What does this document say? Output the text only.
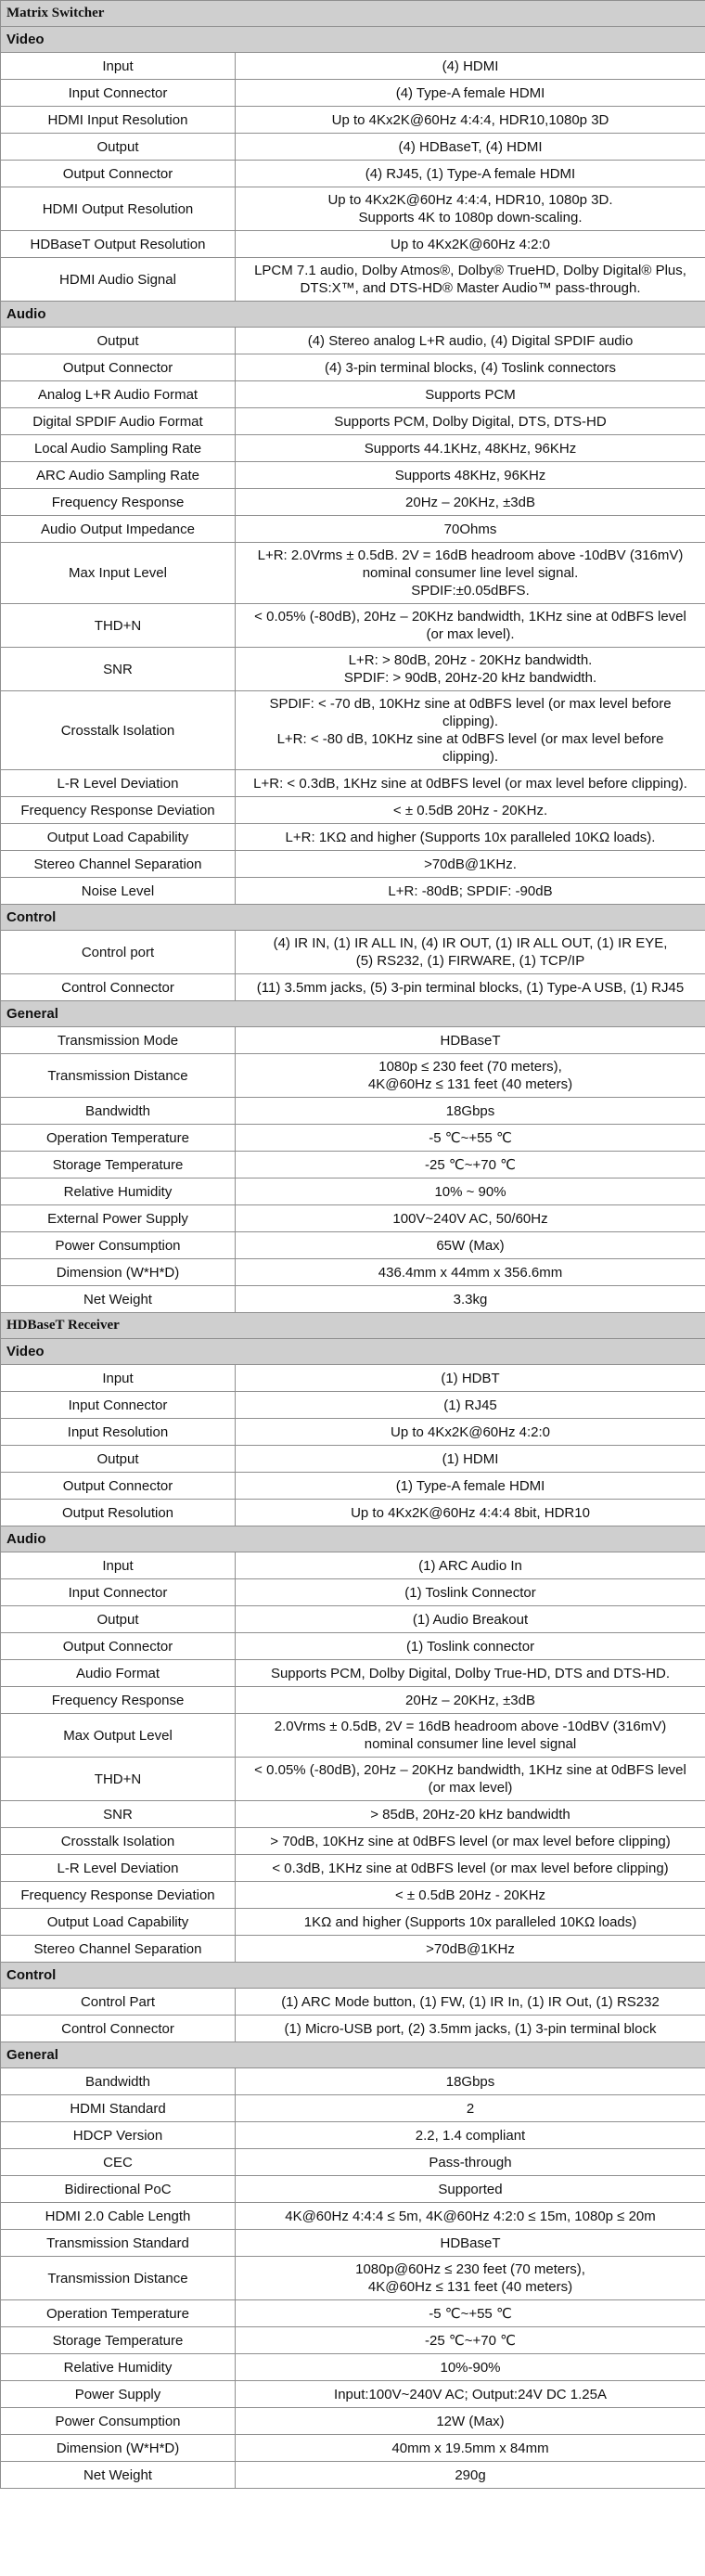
Matrix Switcher	
Video	
Input	(4) HDMI
Input Connector	(4) Type-A female HDMI
HDMI Input Resolution	Up to 4Kx2K@60Hz 4:4:4, HDR10,1080p 3D
Output	(4) HDBaseT, (4) HDMI
Output Connector	(4) RJ45, (1) Type-A female HDMI
HDMI Output Resolution	Up to 4Kx2K@60Hz 4:4:4, HDR10, 1080p 3D.
Supports 4K to 1080p down-scaling.
HDBaseT Output Resolution	Up to 4Kx2K@60Hz 4:2:0
HDMI Audio Signal	LPCM 7.1 audio, Dolby Atmos®, Dolby® TrueHD, Dolby Digital® Plus,
DTS:X™, and DTS-HD® Master Audio™ pass-through.
Audio	
Output	(4) Stereo analog L+R audio, (4) Digital SPDIF audio
Output Connector	(4) 3-pin terminal blocks, (4) Toslink connectors
Analog L+R Audio Format	Supports PCM
Digital SPDIF Audio Format	Supports PCM, Dolby Digital, DTS, DTS-HD
Local Audio Sampling Rate	Supports 44.1KHz, 48KHz, 96KHz
ARC Audio Sampling Rate	Supports 48KHz, 96KHz
Frequency Response	20Hz – 20KHz, ±3dB
Audio Output Impedance	70Ohms
Max Input Level	L+R: 2.0Vrms ± 0.5dB. 2V = 16dB headroom above -10dBV (316mV)
nominal consumer line level signal.
SPDIF:±0.05dBFS.
THD+N	< 0.05% (-80dB), 20Hz – 20KHz bandwidth, 1KHz sine at 0dBFS level
(or max level).
SNR	L+R: > 80dB, 20Hz - 20KHz bandwidth.
SPDIF: > 90dB, 20Hz-20 kHz bandwidth.
Crosstalk Isolation	SPDIF: < -70 dB, 10KHz sine at 0dBFS level (or max level before
clipping).
L+R: < -80 dB, 10KHz sine at 0dBFS level (or max level before
clipping).
L-R Level Deviation	L+R: < 0.3dB, 1KHz sine at 0dBFS level (or max level before clipping).
Frequency Response Deviation	< ± 0.5dB 20Hz - 20KHz.
Output Load Capability	L+R: 1KΩ and higher (Supports 10x paralleled 10KΩ loads).
Stereo Channel Separation	>70dB@1KHz.
Noise Level	L+R: -80dB; SPDIF: -90dB
Control	
Control port	(4) IR IN, (1) IR ALL IN, (4) IR OUT, (1) IR ALL OUT, (1) IR EYE,
(5) RS232, (1) FIRWARE, (1) TCP/IP
Control Connector	(11) 3.5mm jacks, (5) 3-pin terminal blocks, (1) Type-A USB, (1) RJ45
General	
Transmission Mode	HDBaseT
Transmission Distance	1080p ≤ 230 feet (70 meters),
4K@60Hz ≤ 131 feet (40 meters)
Bandwidth	18Gbps
Operation Temperature	-5 ℃~+55 ℃
Storage Temperature	-25 ℃~+70 ℃
Relative Humidity	10% ~ 90%
External Power Supply	100V~240V AC, 50/60Hz
Power Consumption	65W (Max)
Dimension (W*H*D)	436.4mm x 44mm x 356.6mm
Net Weight	3.3kg
HDBaseT Receiver	
Video	
Input	(1) HDBT
Input Connector	(1) RJ45
Input Resolution	Up to 4Kx2K@60Hz 4:2:0
Output	(1) HDMI
Output Connector	(1) Type-A female HDMI
Output Resolution	Up to 4Kx2K@60Hz 4:4:4 8bit, HDR10
Audio	
Input	(1) ARC Audio In
Input Connector	(1) Toslink Connector
Output	(1) Audio Breakout
Output Connector	(1) Toslink connector
Audio Format	Supports PCM, Dolby Digital, Dolby True-HD, DTS and DTS-HD.
Frequency Response	20Hz – 20KHz, ±3dB
Max Output Level	2.0Vrms ± 0.5dB, 2V = 16dB headroom above -10dBV (316mV)
nominal consumer line level signal
THD+N	< 0.05% (-80dB), 20Hz – 20KHz bandwidth, 1KHz sine at 0dBFS level
(or max level)
SNR	> 85dB, 20Hz-20 kHz bandwidth
Crosstalk Isolation	> 70dB, 10KHz sine at 0dBFS level (or max level before clipping)
L-R Level Deviation	< 0.3dB, 1KHz sine at 0dBFS level (or max level before clipping)
Frequency Response Deviation	< ± 0.5dB 20Hz - 20KHz
Output Load Capability	1KΩ and higher (Supports 10x paralleled 10KΩ loads)
Stereo Channel Separation	>70dB@1KHz
Control	
Control Part	(1) ARC Mode button, (1) FW, (1) IR In, (1) IR Out, (1) RS232
Control Connector	(1) Micro-USB port, (2) 3.5mm jacks, (1) 3-pin terminal block
General	
Bandwidth	18Gbps
HDMI Standard	2
HDCP Version	2.2, 1.4 compliant
CEC	Pass-through
Bidirectional PoC	Supported
HDMI 2.0 Cable Length	4K@60Hz 4:4:4 ≤ 5m, 4K@60Hz 4:2:0 ≤ 15m, 1080p ≤ 20m
Transmission Standard	HDBaseT
Transmission Distance	1080p@60Hz ≤ 230 feet (70 meters),
4K@60Hz ≤ 131 feet (40 meters)
Operation Temperature	-5 ℃~+55 ℃
Storage Temperature	-25 ℃~+70 ℃
Relative Humidity	10%-90%
Power Supply	Input:100V~240V AC; Output:24V DC 1.25A
Power Consumption	12W (Max)
Dimension (W*H*D)	40mm x 19.5mm x 84mm
Net Weight	290g
